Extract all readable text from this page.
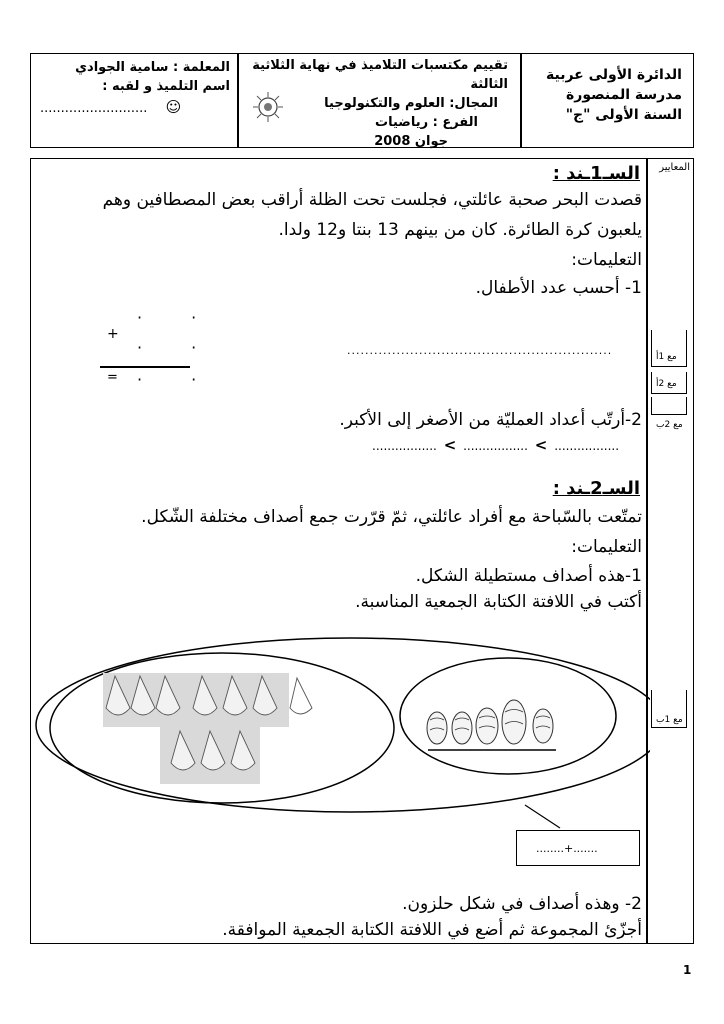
الدائرة الأولى عربية
مدرسة المنصورة
السنة الأولى "ج"
تقييم مكتسبات التلاميذ في نهاية الثلاثية الثالثة
المجال: العلوم والتكنولوجيا
الفرع : رياضيات
جوان 2008
المعلمة : سامية الجوادي
اسم التلميذ و لقبه :
.......................... ☺
المعايير
مع 1أ
مع 2أ
مع 2ب
مع 1ب
السـ1ـند :
قصدت البحر صحبة عائلتي، فجلست تحت الظلة أراقب بعض المصطافين وهم
يلعبون كرة الطائرة. كان من بينهم 13 بنتا و12 ولدا.
التعليمات:
1- أحسب عدد الأطفال.
· ·
+
· ·
= · ·
...........................................................
2-أرتّب أعداد العمليّة من الأصغر إلى الأكبر.
................. < ................. < .................
السـ2ـند :
تمتّعت بالسّباحة مع أفراد عائلتي، ثمّ قرّرت جمع أصداف مختلفة الشّكل.
التعليمات:
1-هذه أصداف مستطيلة الشكل.
أكتب في اللافتة الكتابة الجمعية المناسبة.
........+.......
2- وهذه أصداف في شكل حلزون.
أجزّئ المجموعة ثم أضع في اللافتة الكتابة الجمعية الموافقة.
1
